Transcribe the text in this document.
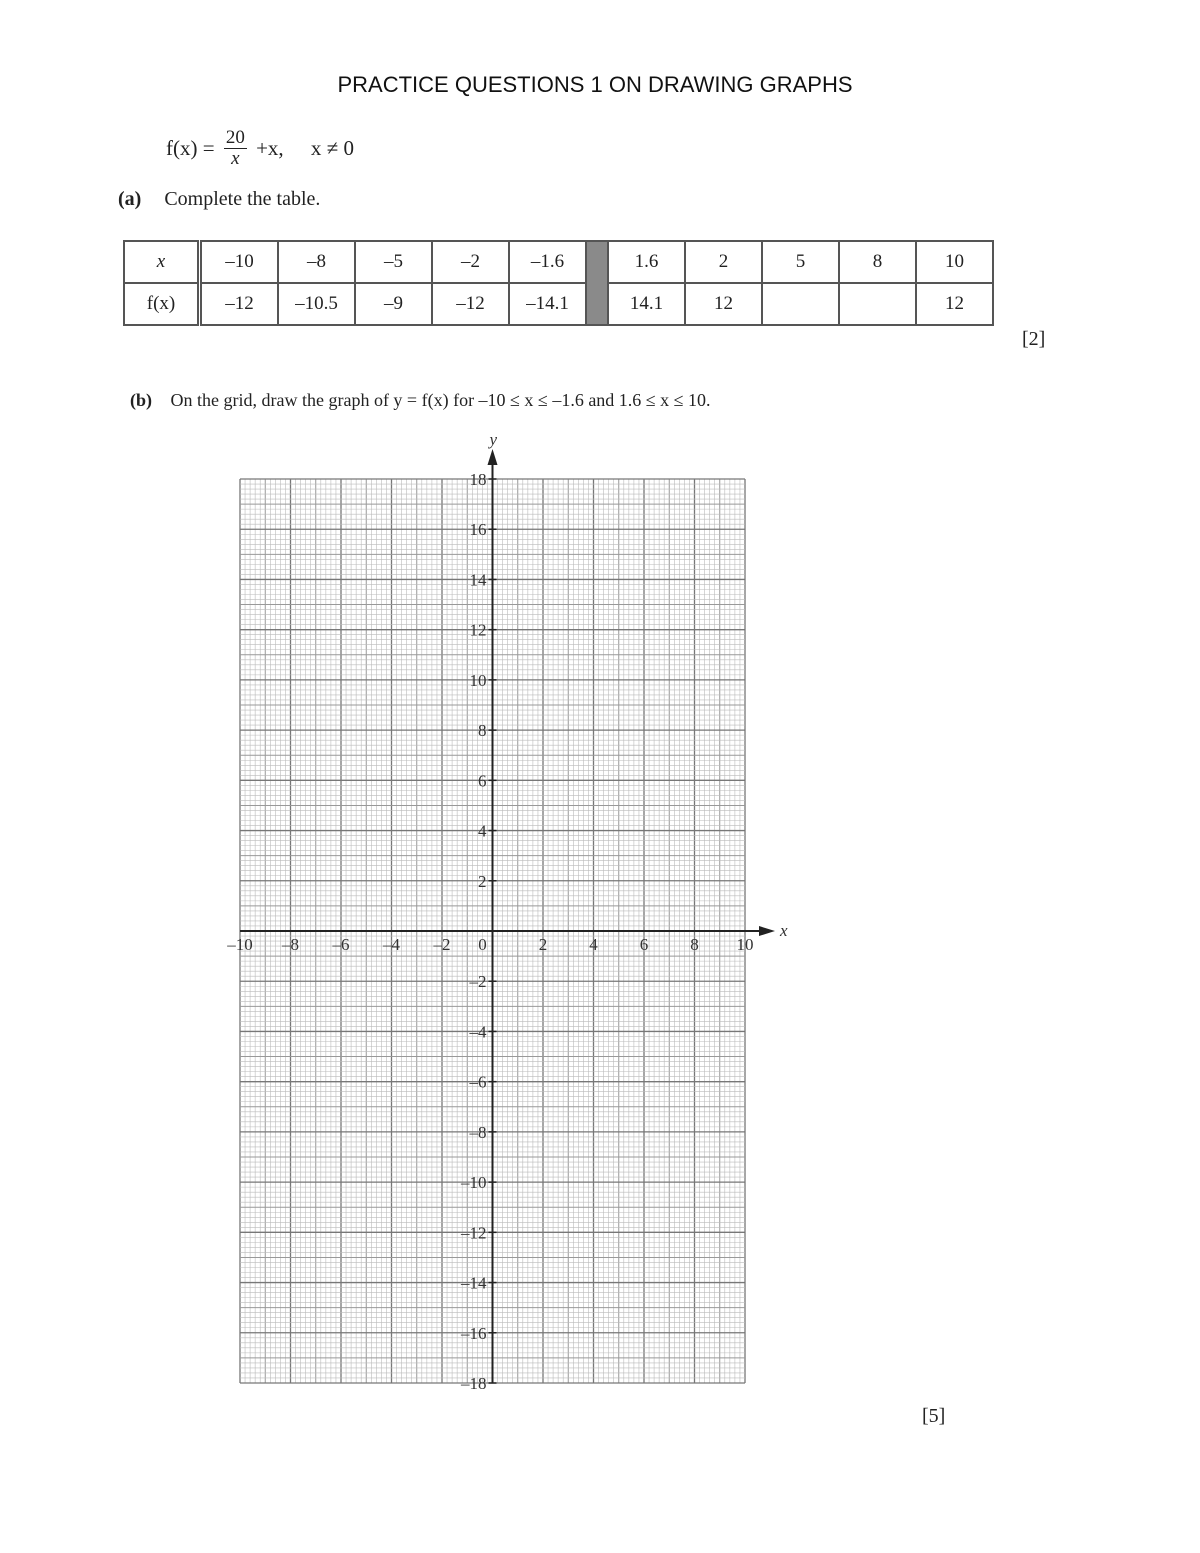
PRACTICE QUESTIONS 1 ON DRAWING GRAPHS
$f(x) = \frac{20}{x} +x$, x ≠ 0
(a) Complete the table.
x	–10	–8	–5	–2	–1.6		1.6	2	5	8	10
f(x)	–12	–10.5	–9	–12	–14.1		14.1	12			12
[2]
(b) On the grid, draw the graph of y = f(x) for –10 ≤ x ≤ –1.6 and 1.6 ≤ x ≤ 10.
y
x
–10 –8 –6 –4 –2 0	2 4 6 8 10
18
16
14
12
10
8
6
4
2
–2
–4
–6
–8
–10
–12
–14
–16
–18
[5]
